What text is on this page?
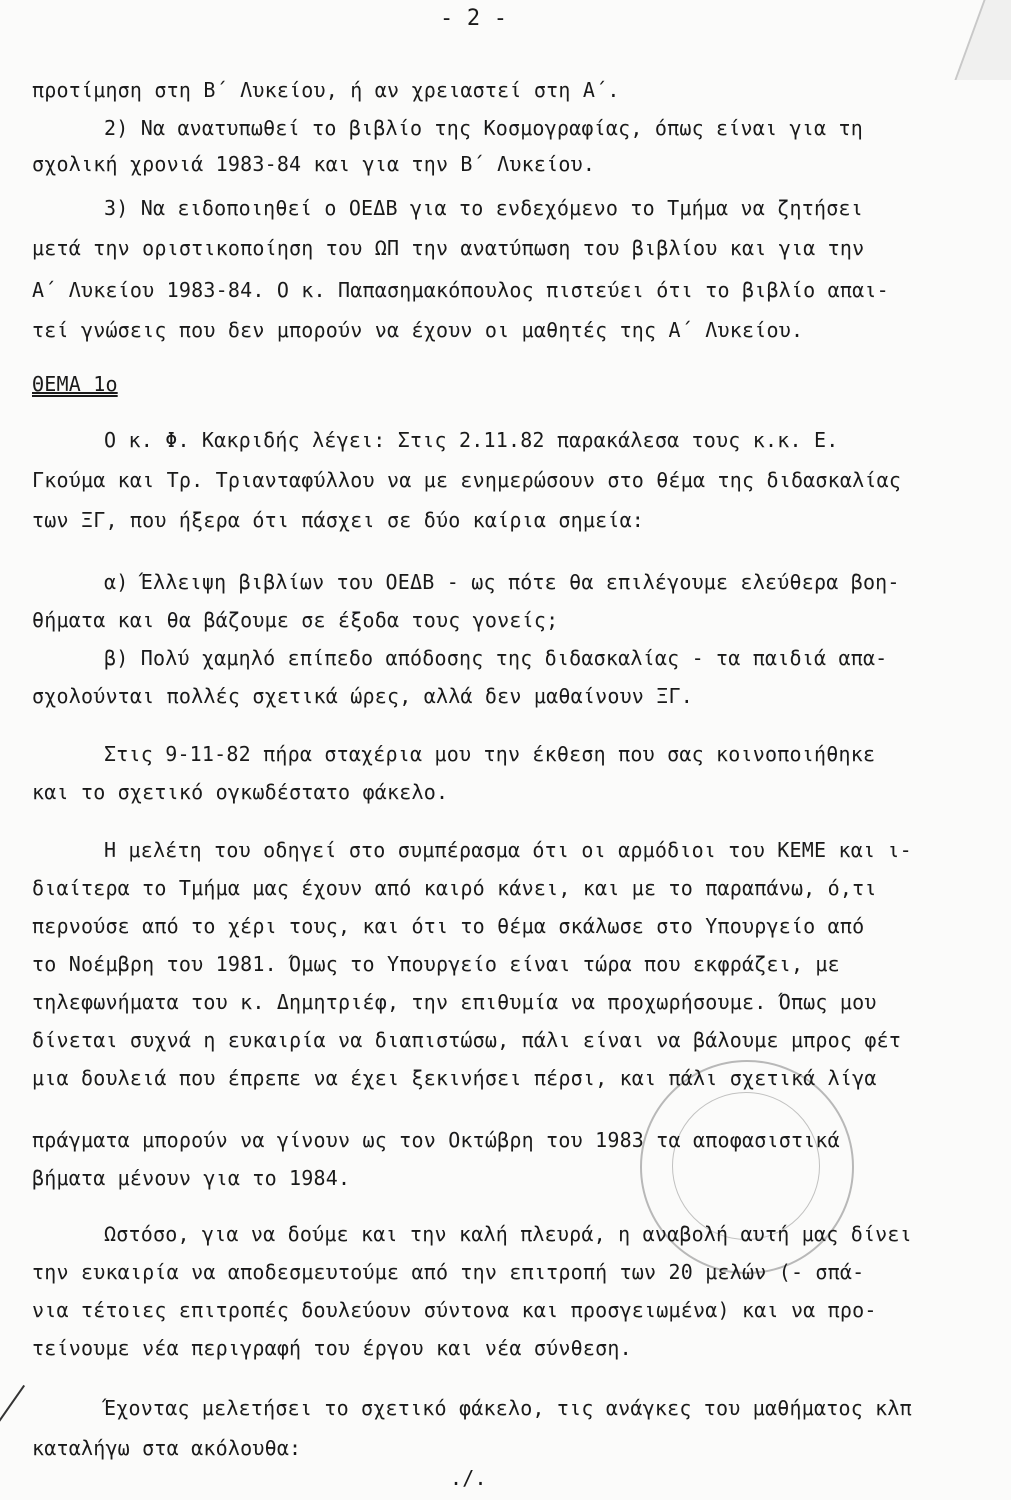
- 2 -
προτίμηση στη Β΄ Λυκείου, ή αν χρειαστεί στη Α΄.
2) Να ανατυπωθεί το βιβλίο της Κοσμογραφίας, όπως είναι για τη
σχολική χρονιά 1983-84 και για την Β΄ Λυκείου.
3) Να ειδοποιηθεί ο ΟΕΔΒ για το ενδεχόμενο το Τμήμα να ζητήσει
μετά την οριστικοποίηση του ΩΠ την ανατύπωση του βιβλίου και για την
Α΄ Λυκείου 1983-84. Ο κ. Παπασημακόπουλος πιστεύει ότι το βιβλίο απαι-
τεί γνώσεις που δεν μπορούν να έχουν οι μαθητές της Α΄ Λυκείου.
ΘΕΜΑ 1ο
Ο κ. Φ. Κακριδής λέγει: Στις 2.11.82 παρακάλεσα τους κ.κ. Ε.
Γκούμα και Τρ. Τριανταφύλλου να με ενημερώσουν στο θέμα της διδασκαλίας
των ΞΓ, που ήξερα ότι πάσχει σε δύο καίρια σημεία:
α) Έλλειψη βιβλίων του ΟΕΔΒ - ως πότε θα επιλέγουμε ελεύθερα βοη-
θήματα και θα βάζουμε σε έξοδα τους γονείς;
β) Πολύ χαμηλό επίπεδο απόδοσης της διδασκαλίας - τα παιδιά απα-
σχολούνται πολλές σχετικά ώρες, αλλά δεν μαθαίνουν ΞΓ.
Στις 9-11-82 πήρα σταχέρια μου την έκθεση που σας κοινοποιήθηκε
και το σχετικό ογκωδέστατο φάκελο.
Η μελέτη του οδηγεί στο συμπέρασμα ότι οι αρμόδιοι του ΚΕΜΕ και ι-
διαίτερα το Τμήμα μας έχουν από καιρό κάνει, και με το παραπάνω, ό,τι
περνούσε από το χέρι τους, και ότι το θέμα σκάλωσε στο Υπουργείο από
το Νοέμβρη του 1981. Όμως το Υπουργείο είναι τώρα που εκφράζει, με
τηλεφωνήματα του κ. Δημητριέφ, την επιθυμία να προχωρήσουμε. Όπως μου
δίνεται συχνά η ευκαιρία να διαπιστώσω, πάλι είναι να βάλουμε μπρος φέτ
μια δουλειά που έπρεπε να έχει ξεκινήσει πέρσι, και πάλι σχετικά λίγα
πράγματα μπορούν να γίνουν ως τον Οκτώβρη του 1983 τα αποφασιστικά
βήματα μένουν για το 1984.
Ωστόσο, για να δούμε και την καλή πλευρά, η αναβολή αυτή μας δίνει
την ευκαιρία να αποδεσμευτούμε από την επιτροπή των 20 μελών (- σπά-
νια τέτοιες επιτροπές δουλεύουν σύντονα και προσγειωμένα) και να προ-
τείνουμε νέα περιγραφή του έργου και νέα σύνθεση.
Έχοντας μελετήσει το σχετικό φάκελο, τις ανάγκες του μαθήματος κλπ
καταλήγω στα ακόλουθα:
./.
